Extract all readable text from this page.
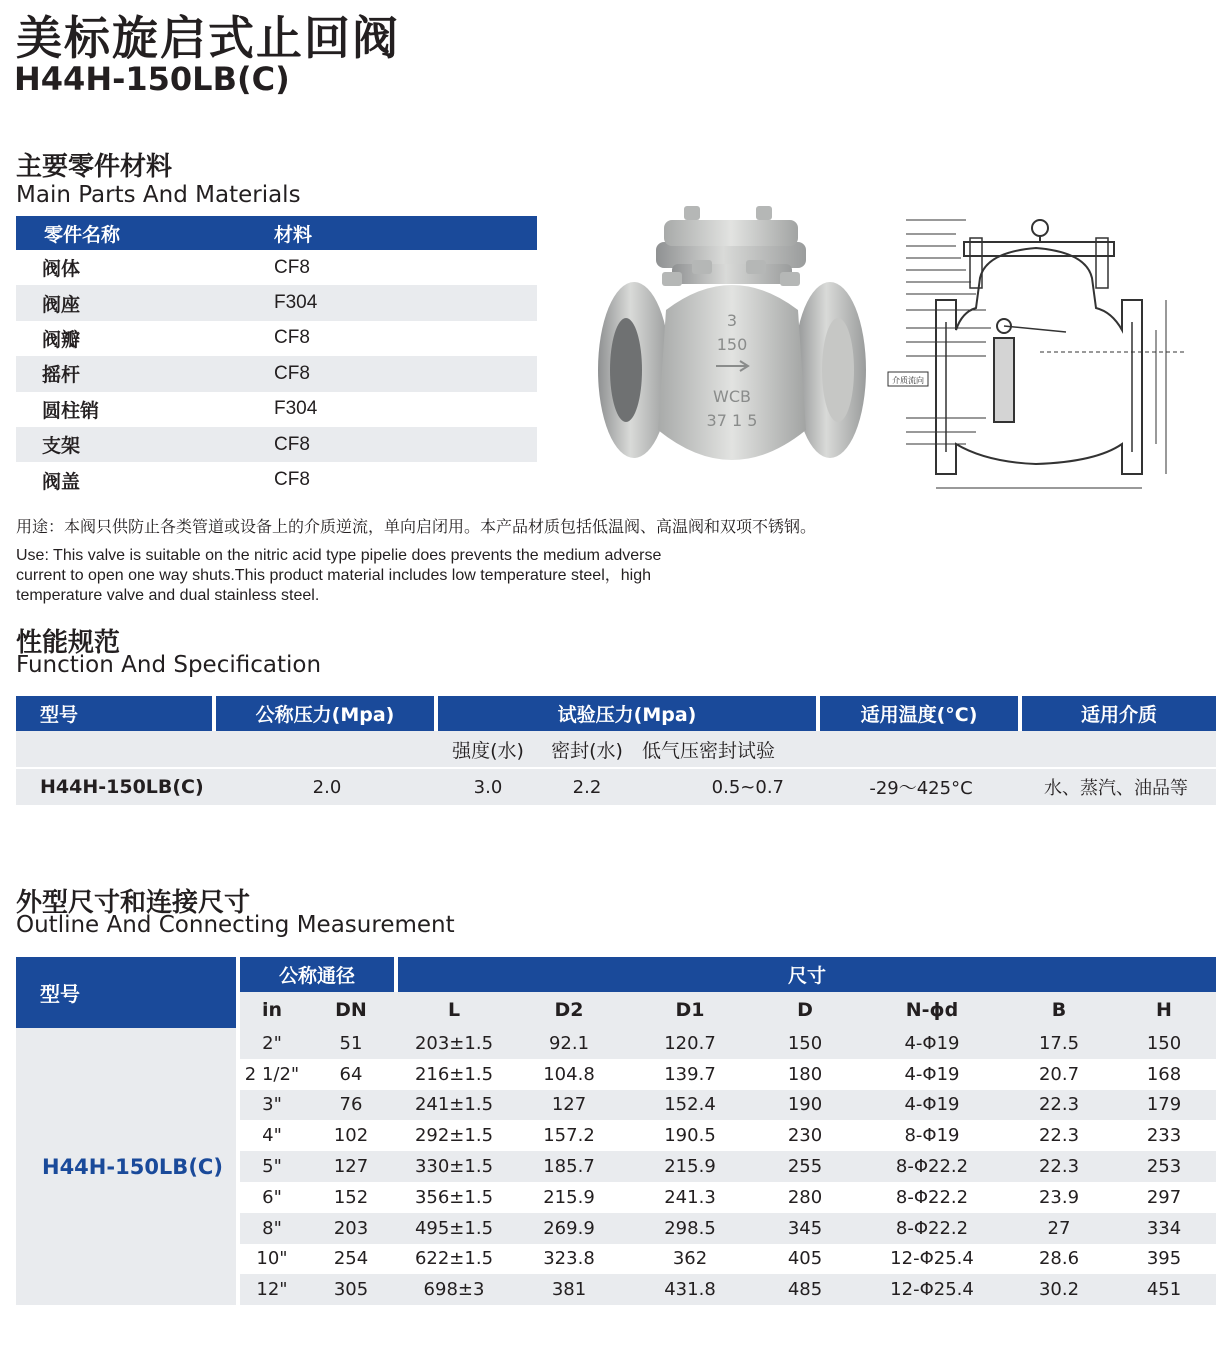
美标旋启式止回阀
H44H-150LB(C)
主要零件材料
Main Parts And Materials
零件名称	材料
阀体	CF8
阀座	F304
阀瓣	CF8
摇杆	CF8
圆柱销	F304
支架	CF8
阀盖	CF8
3
150
WCB
37 1 5
介质流向
用途：本阀只供防止各类管道或设备上的介质逆流，单向启闭用。本产品材质包括低温阀、高温阀和双项不锈钢。
Use: This valve is suitable on the nitric acid type pipelie does prevents the medium adverse current to open one way shuts.This product material includes low temperature steel，high temperature valve and dual stainless steel.
性能规范
Function And Specification
型号	公称压力(Mpa)	试验压力(Mpa)			适用温度(°C)	适用介质
		强度(水)	密封(水)	低气压密封试验		
H44H-150LB(C)	2.0	3.0	2.2	0.5~0.7	-29～425°C	水、蒸汽、油品等
外型尺寸和连接尺寸
Outline And Connecting Measurement
型号	公称通径		尺寸						
	in	DN	L	D2	D1	D	N-ϕd	B	H
H44H-150LB(C)	2"	51	203±1.5	92.1	120.7	150	4-Φ19	17.5	150
	2 1/2"	64	216±1.5	104.8	139.7	180	4-Φ19	20.7	168
	3"	76	241±1.5	127	152.4	190	4-Φ19	22.3	179
	4"	102	292±1.5	157.2	190.5	230	8-Φ19	22.3	233
	5"	127	330±1.5	185.7	215.9	255	8-Φ22.2	22.3	253
	6"	152	356±1.5	215.9	241.3	280	8-Φ22.2	23.9	297
	8"	203	495±1.5	269.9	298.5	345	8-Φ22.2	27	334
	10"	254	622±1.5	323.8	362	405	12-Φ25.4	28.6	395
	12"	305	698±3	381	431.8	485	12-Φ25.4	30.2	451
